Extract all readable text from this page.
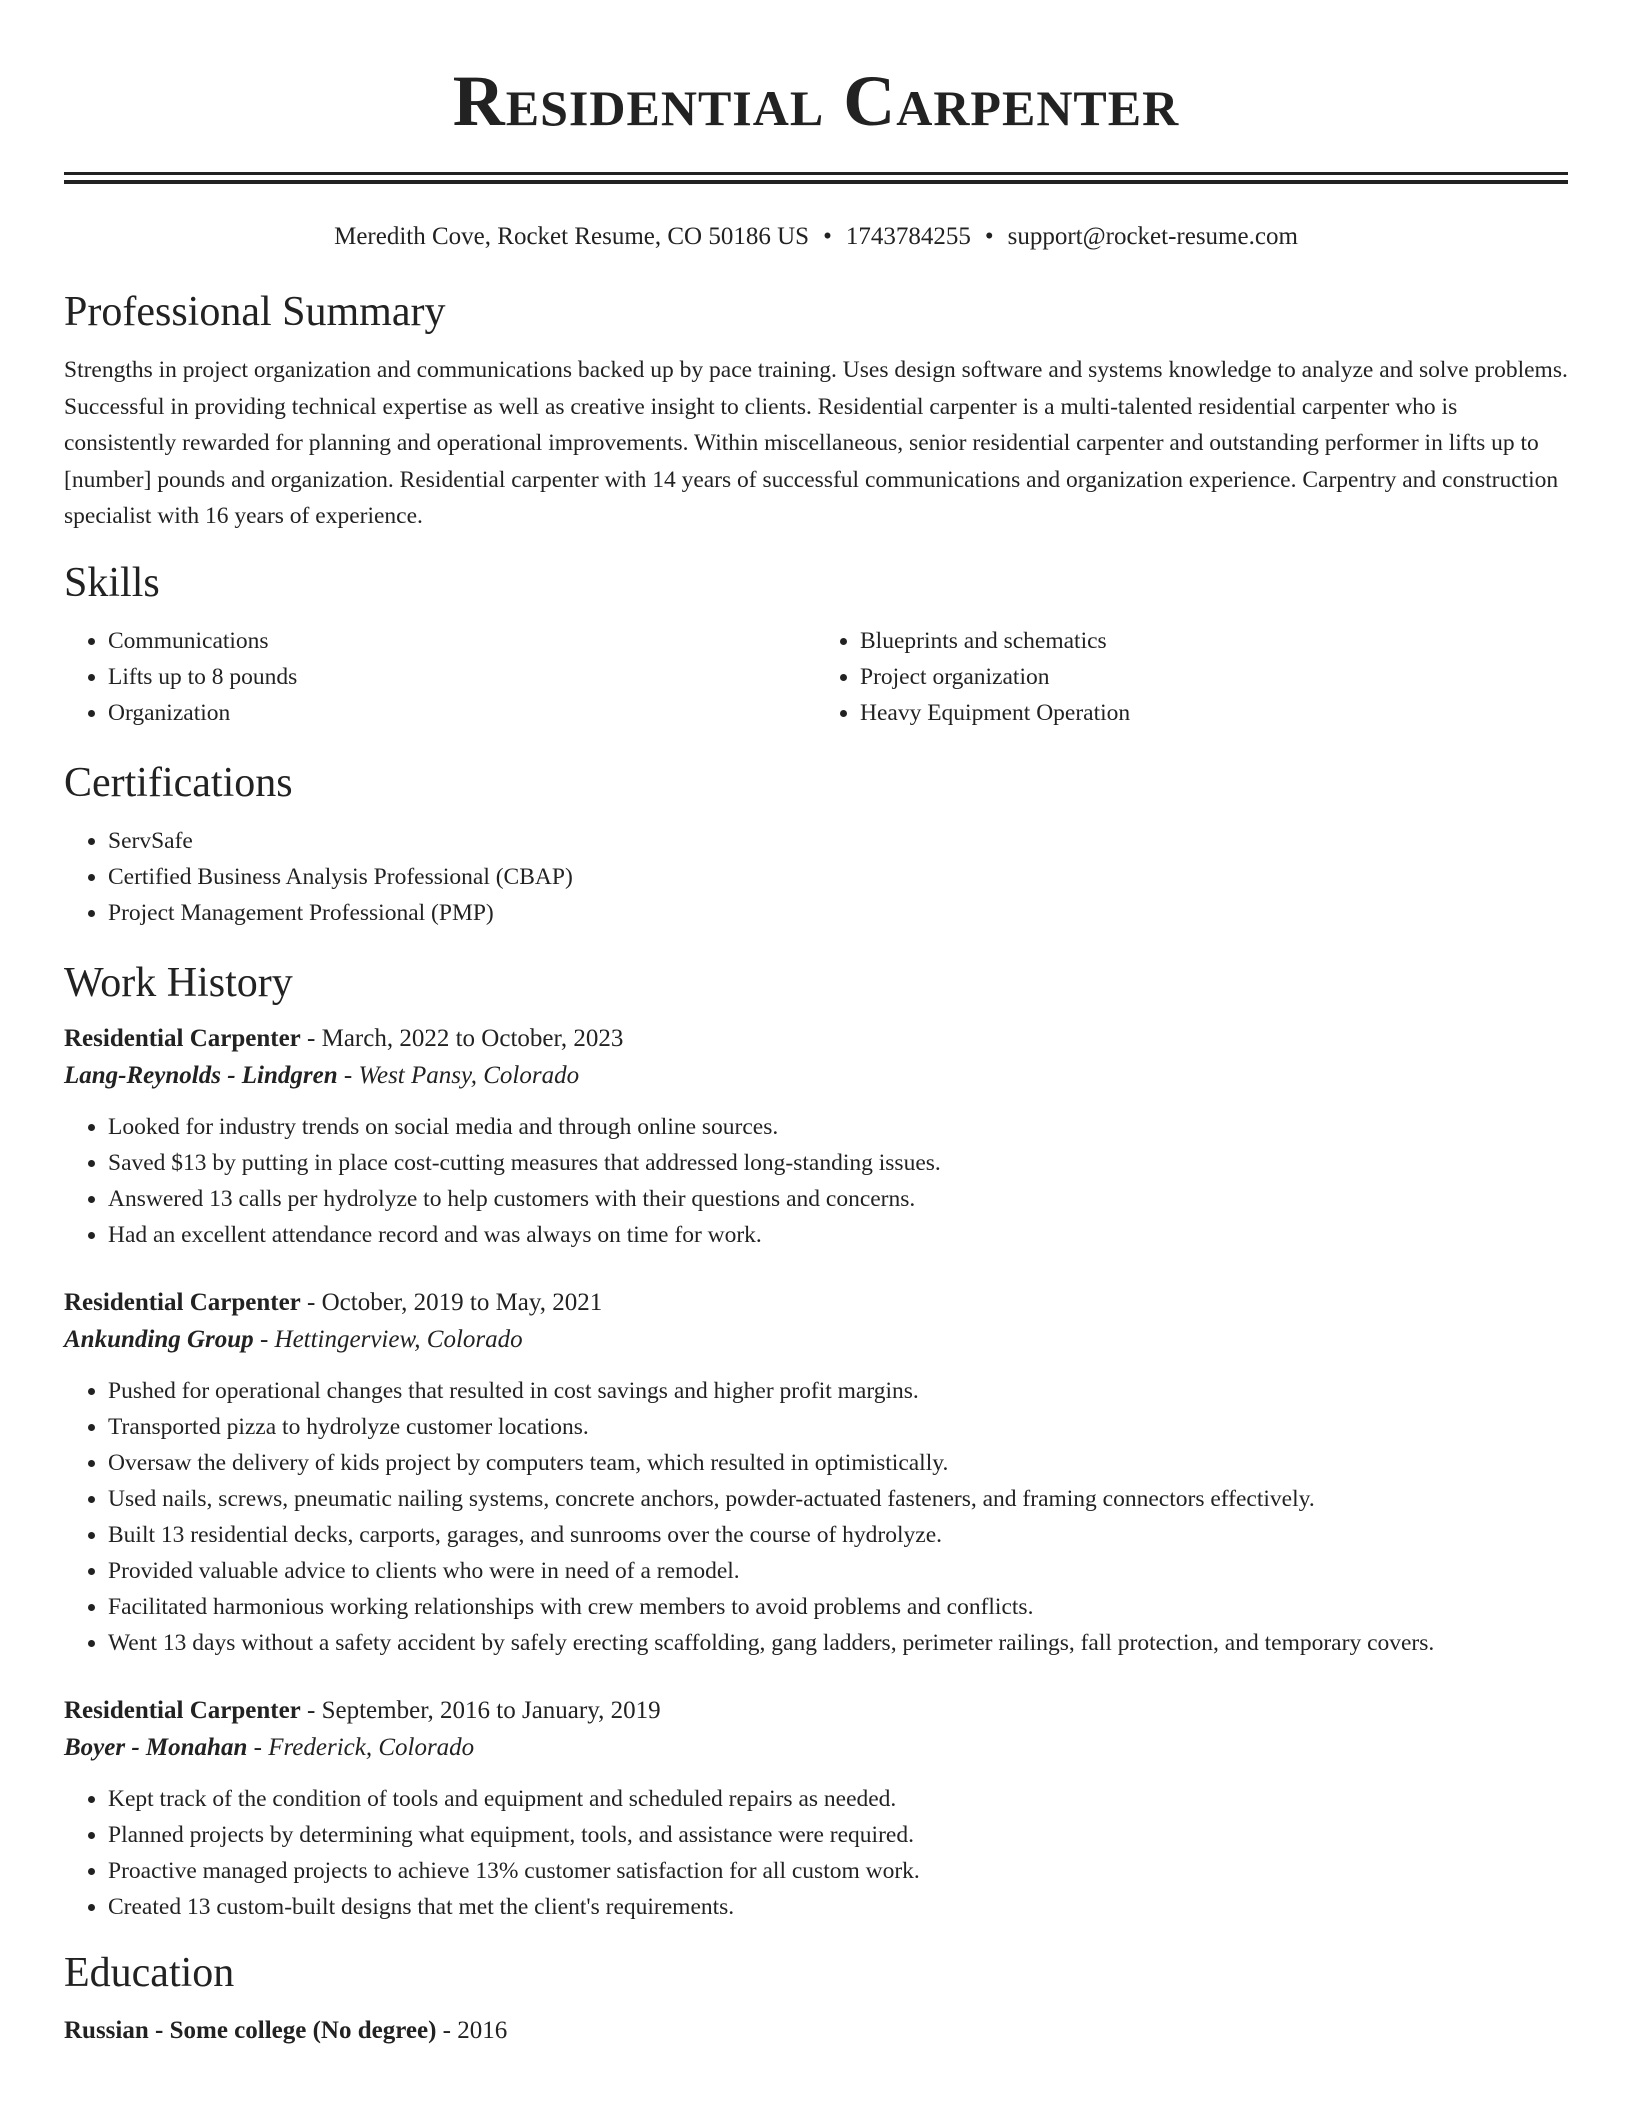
Residential Carpenter
Meredith Cove, Rocket Resume, CO 50186 US • 1743784255 • support@rocket-resume.com
Professional Summary

Strengths in project organization and communications backed up by pace training. Uses design software and systems knowledge to analyze and solve problems. Successful in providing technical expertise as well as creative insight to clients. Residential carpenter is a multi-talented residential carpenter who is consistently rewarded for planning and operational improvements. Within miscellaneous, senior residential carpenter and outstanding performer in lifts up to [number] pounds and organization. Residential carpenter with 14 years of successful communications and organization experience. Carpentry and construction specialist with 16 years of experience.

Skills
• Communications
• Lifts up to 8 pounds
• Organization
• Blueprints and schematics
• Project organization
• Heavy Equipment Operation
Certifications
• ServSafe
• Certified Business Analysis Professional (CBAP)
• Project Management Professional (PMP)
Work History

Residential Carpenter - March, 2022 to October, 2023

Lang-Reynolds - Lindgren - West Pansy, Colorado

• Looked for industry trends on social media and through online sources.
• Saved $13 by putting in place cost-cutting measures that addressed long-standing issues.
• Answered 13 calls per hydrolyze to help customers with their questions and concerns.
• Had an excellent attendance record and was always on time for work.

Residential Carpenter - October, 2019 to May, 2021

Ankunding Group - Hettingerview, Colorado

• Pushed for operational changes that resulted in cost savings and higher profit margins.
• Transported pizza to hydrolyze customer locations.
• Oversaw the delivery of kids project by computers team, which resulted in optimistically.
• Used nails, screws, pneumatic nailing systems, concrete anchors, powder-actuated fasteners, and framing connectors effectively.
• Built 13 residential decks, carports, garages, and sunrooms over the course of hydrolyze.
• Provided valuable advice to clients who were in need of a remodel.
• Facilitated harmonious working relationships with crew members to avoid problems and conflicts.
• Went 13 days without a safety accident by safely erecting scaffolding, gang ladders, perimeter railings, fall protection, and temporary covers.

Residential Carpenter - September, 2016 to January, 2019

Boyer - Monahan - Frederick, Colorado

• Kept track of the condition of tools and equipment and scheduled repairs as needed.
• Planned projects by determining what equipment, tools, and assistance were required.
• Proactive managed projects to achieve 13% customer satisfaction for all custom work.
• Created 13 custom-built designs that met the client's requirements.
Education

Russian - Some college (No degree) - 2016
